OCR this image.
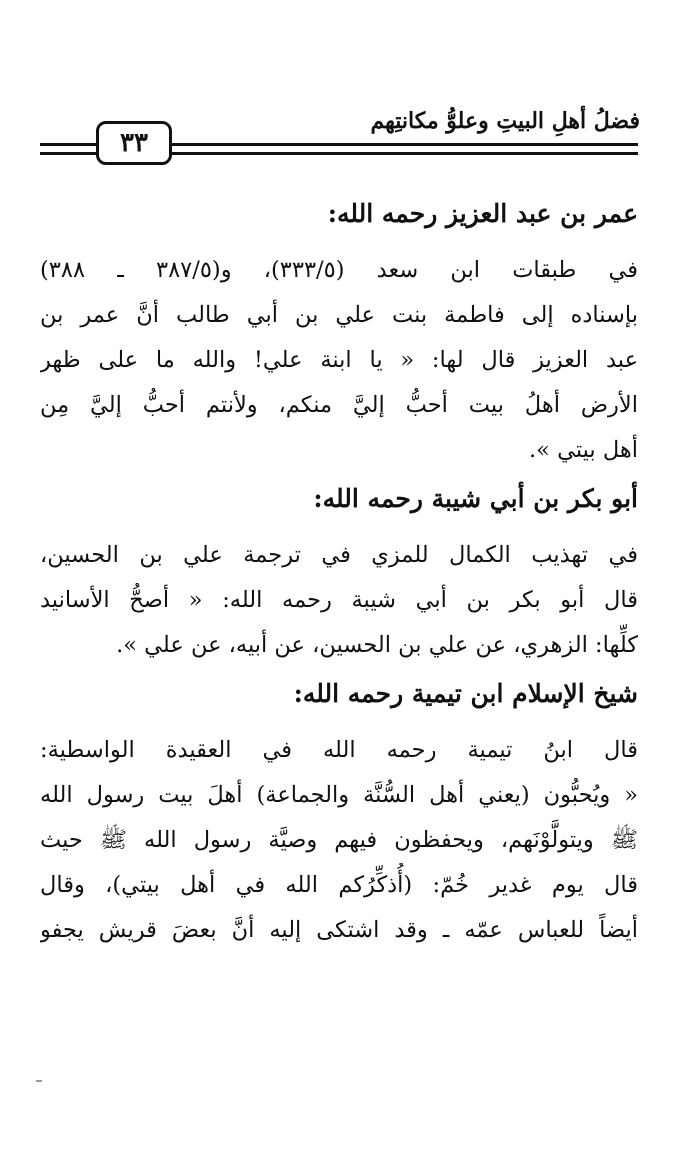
فضلُ أهلِ البيتِ وعلوُّ مكانتِهم
٣٣
عمر بن عبد العزيز رحمه الله:
في طبقات ابن سعد (٣٣٣/٥)، و(٣٨٧/٥ ـ ٣٨٨)
بإسناده إلى فاطمة بنت علي بن أبي طالب أنَّ عمر بن
عبد العزيز قال لها: « يا ابنة علي! والله ما على ظهر
الأرض أهلُ بيت أحبُّ إليَّ منكم، ولأنتم أحبُّ إليَّ مِن
أهل بيتي ».
أبو بكر بن أبي شيبة رحمه الله:
في تهذيب الكمال للمزي في ترجمة علي بن الحسين،
قال أبو بكر بن أبي شيبة رحمه الله: « أصحُّ الأسانيد
كلِّها: الزهري، عن علي بن الحسين، عن أبيه، عن علي ».
شيخ الإسلام ابن تيمية رحمه الله:
قال ابنُ تيمية رحمه الله في العقيدة الواسطية:
« ويُحبُّون (يعني أهل السُّنَّة والجماعة) أهلَ بيت رسول الله
ﷺ ويتولَّوْنَهم، ويحفظون فيهم وصيَّة رسول الله ﷺ حيث
قال يوم غدير خُمّ: (أُذكِّرُكم الله في أهل بيتي)، وقال
أيضاً للعباس عمّه ـ وقد اشتكى إليه أنَّ بعضَ قريش يجفو
